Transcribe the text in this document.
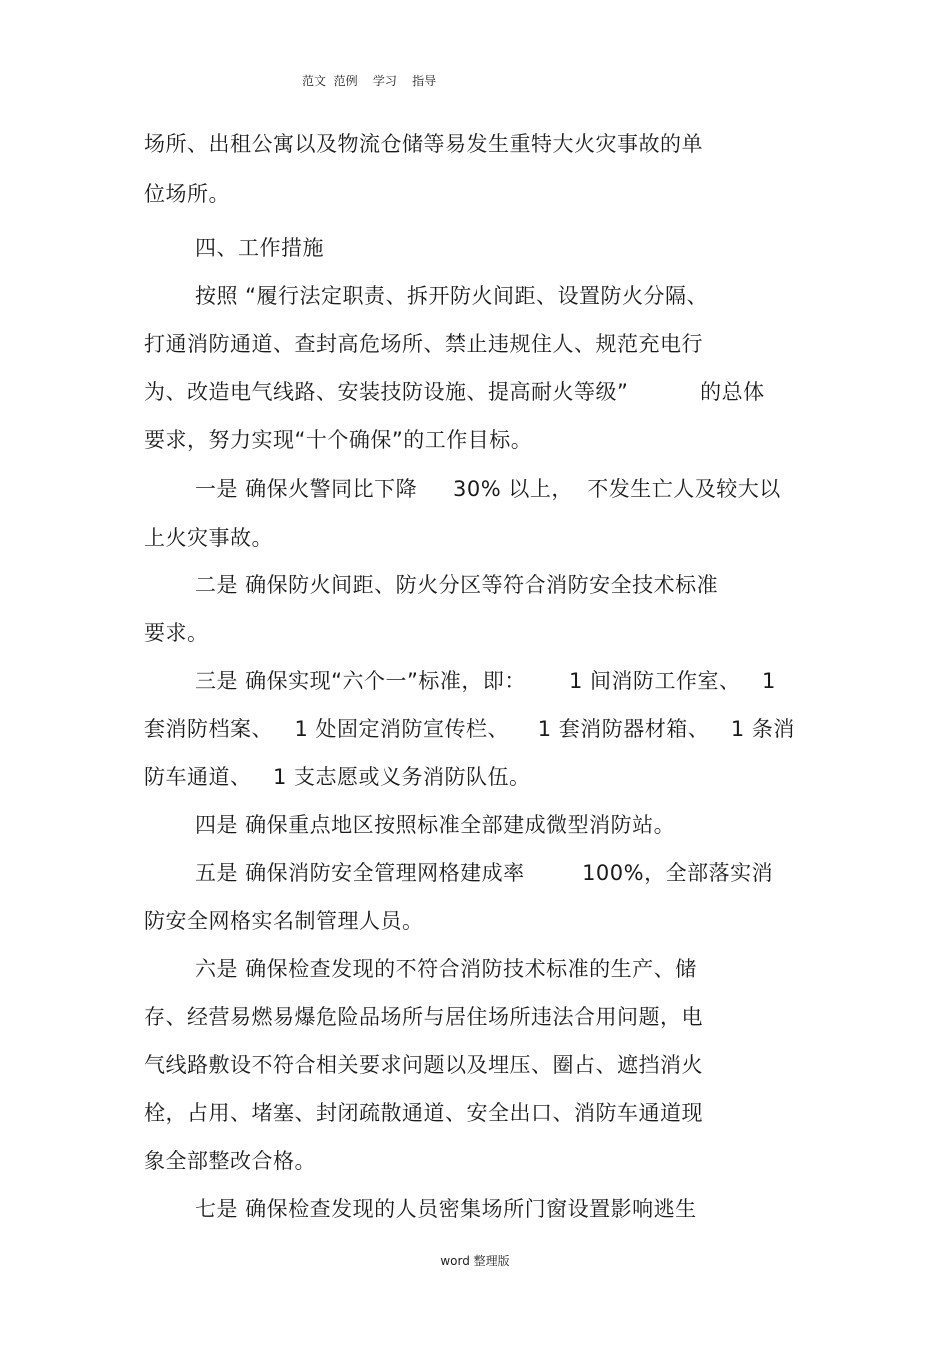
范文  范例    学习    指导
场所、出租公寓以及物流仓储等易发生重特大火灾事故的单
位场所。
四、工作措施
按照 “履行法定职责、拆开防火间距、设置防火分隔、
打通消防通道、查封高危场所、禁止违规住人、规范充电行
为、改造电气线路、安装技防设施、提高耐火等级”          的总体
要求，努力实现“十个确保”的工作目标。
一是 确保火警同比下降     30% 以上，  不发生亡人及较大以
上火灾事故。
二是 确保防火间距、防火分区等符合消防安全技术标准
要求。
三是 确保实现“六个一”标准，即：      1 间消防工作室、   1
套消防档案、   1 处固定消防宣传栏、    1 套消防器材箱、   1 条消
防车通道、   1 支志愿或义务消防队伍。
四是 确保重点地区按照标准全部建成微型消防站。
五是 确保消防安全管理网格建成率        100%，全部落实消
防安全网格实名制管理人员。
六是 确保检查发现的不符合消防技术标准的生产、储
存、经营易燃易爆危险品场所与居住场所违法合用问题，电
气线路敷设不符合相关要求问题以及埋压、圈占、遮挡消火
栓，占用、堵塞、封闭疏散通道、安全出口、消防车通道现
象全部整改合格。
七是 确保检查发现的人员密集场所门窗设置影响逃生
word 整理版
